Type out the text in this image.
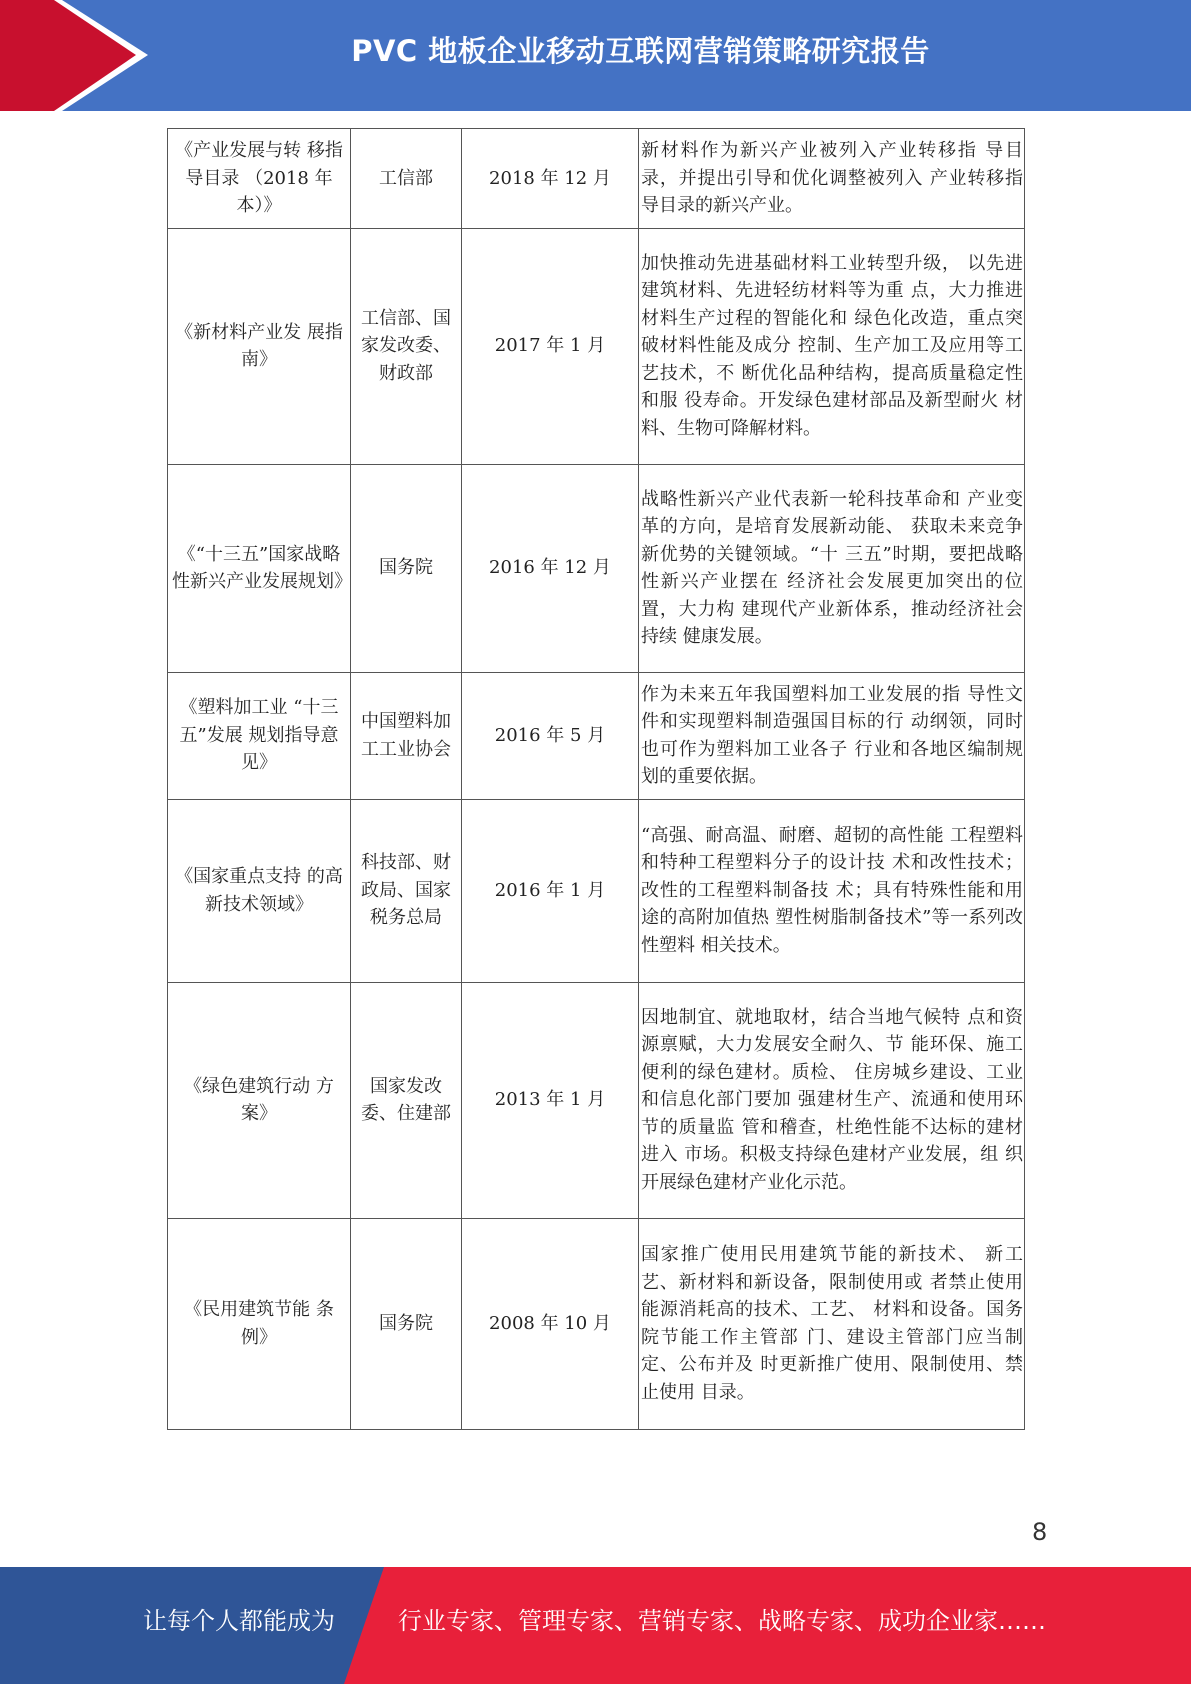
PVC 地板企业移动互联网营销策略研究报告
《产业发展与转 移指导目录 （2018 年本）》	工信部	2018 年 12 月	新材料作为新兴产业被列入产业转移指 导目录，并提出引导和优化调整被列入 产业转移指导目录的新兴产业。
《新材料产业发 展指南》	工信部、国家发改委、财政部	2017 年 1 月	加快推动先进基础材料工业转型升级， 以先进建筑材料、先进轻纺材料等为重 点，大力推进材料生产过程的智能化和 绿色化改造，重点突破材料性能及成分 控制、生产加工及应用等工艺技术，不 断优化品种结构，提高质量稳定性和服 役寿命。开发绿色建材部品及新型耐火 材料、生物可降解材料。
《“十三五”国家战略性新兴产业发展规划》	国务院	2016 年 12 月	战略性新兴产业代表新一轮科技革命和 产业变革的方向，是培育发展新动能、 获取未来竞争新优势的关键领域。“十 三五”时期，要把战略性新兴产业摆在 经济社会发展更加突出的位置，大力构 建现代产业新体系，推动经济社会持续 健康发展。
《塑料加工业 “十三五”发展 规划指导意见》	中国塑料加工工业协会	2016 年 5 月	作为未来五年我国塑料加工业发展的指 导性文件和实现塑料制造强国目标的行 动纲领，同时也可作为塑料加工业各子 行业和各地区编制规划的重要依据。
《国家重点支持 的高新技术领域》	科技部、财政局、国家税务总局	2016 年 1 月	“高强、耐高温、耐磨、超韧的高性能 工程塑料和特种工程塑料分子的设计技 术和改性技术；改性的工程塑料制备技 术；具有特殊性能和用途的高附加值热 塑性树脂制备技术”等一系列改性塑料 相关技术。
《绿色建筑行动 方案》	国家发改委、住建部	2013 年 1 月	因地制宜、就地取材，结合当地气候特 点和资源禀赋，大力发展安全耐久、节 能环保、施工便利的绿色建材。质检、 住房城乡建设、工业和信息化部门要加 强建材生产、流通和使用环节的质量监 管和稽查，杜绝性能不达标的建材进入 市场。积极支持绿色建材产业发展，组 织开展绿色建材产业化示范。
《民用建筑节能 条例》	国务院	2008 年 10 月	国家推广使用民用建筑节能的新技术、 新工艺、新材料和新设备，限制使用或 者禁止使用能源消耗高的技术、工艺、 材料和设备。国务院节能工作主管部 门、建设主管部门应当制定、公布并及 时更新推广使用、限制使用、禁止使用 目录。
8
让每个人都能成为	行业专家、管理专家、营销专家、战略专家、成功企业家……
